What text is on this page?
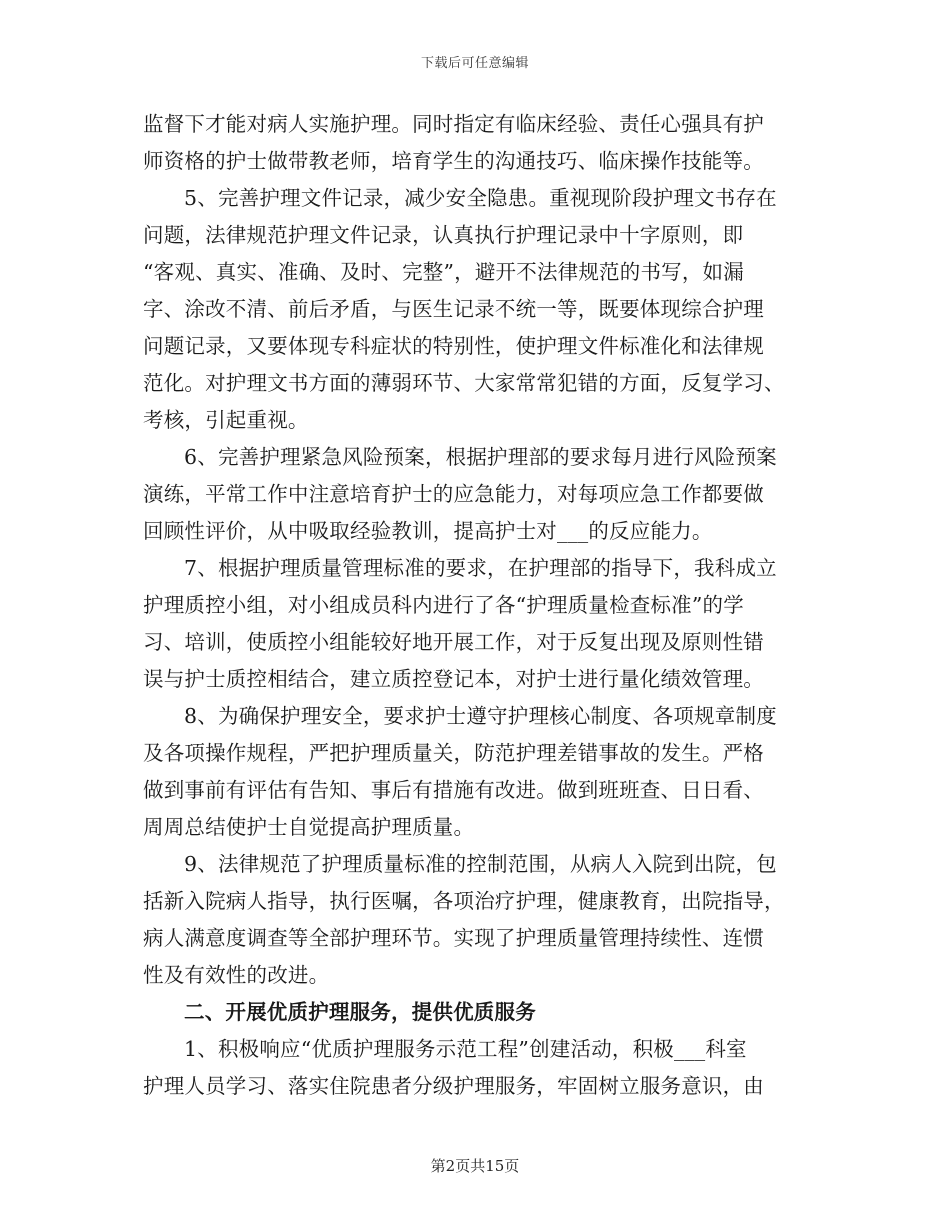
下载后可任意编辑
监督下才能对病人实施护理。同时指定有临床经验、责任心强具有护
师资格的护士做带教老师，培育学生的沟通技巧、临床操作技能等。
5、完善护理文件记录，减少安全隐患。重视现阶段护理文书存在
问题，法律规范护理文件记录，认真执行护理记录中十字原则，即
“客观、真实、准确、及时、完整”，避开不法律规范的书写，如漏
字、涂改不清、前后矛盾，与医生记录不统一等，既要体现综合护理
问题记录，又要体现专科症状的特别性，使护理文件标准化和法律规
范化。对护理文书方面的薄弱环节、大家常常犯错的方面，反复学习、
考核，引起重视。
6、完善护理紧急风险预案，根据护理部的要求每月进行风险预案
演练，平常工作中注意培育护士的应急能力，对每项应急工作都要做
回顾性评价，从中吸取经验教训，提高护士对___的反应能力。
7、根据护理质量管理标准的要求，在护理部的指导下，我科成立
护理质控小组，对小组成员科内进行了各“护理质量检查标准”的学
习、培训，使质控小组能较好地开展工作，对于反复出现及原则性错
误与护士质控相结合，建立质控登记本，对护士进行量化绩效管理。
8、为确保护理安全，要求护士遵守护理核心制度、各项规章制度
及各项操作规程，严把护理质量关，防范护理差错事故的发生。严格
做到事前有评估有告知、事后有措施有改进。做到班班查、日日看、
周周总结使护士自觉提高护理质量。
9、法律规范了护理质量标准的控制范围，从病人入院到出院，包
括新入院病人指导，执行医嘱，各项治疗护理，健康教育，出院指导，
病人满意度调查等全部护理环节。实现了护理质量管理持续性、连惯
性及有效性的改进。
二、开展优质护理服务，提供优质服务
1、积极响应“优质护理服务示范工程”创建活动，积极___科室
护理人员学习、落实住院患者分级护理服务，牢固树立服务意识，由
第2页共15页
